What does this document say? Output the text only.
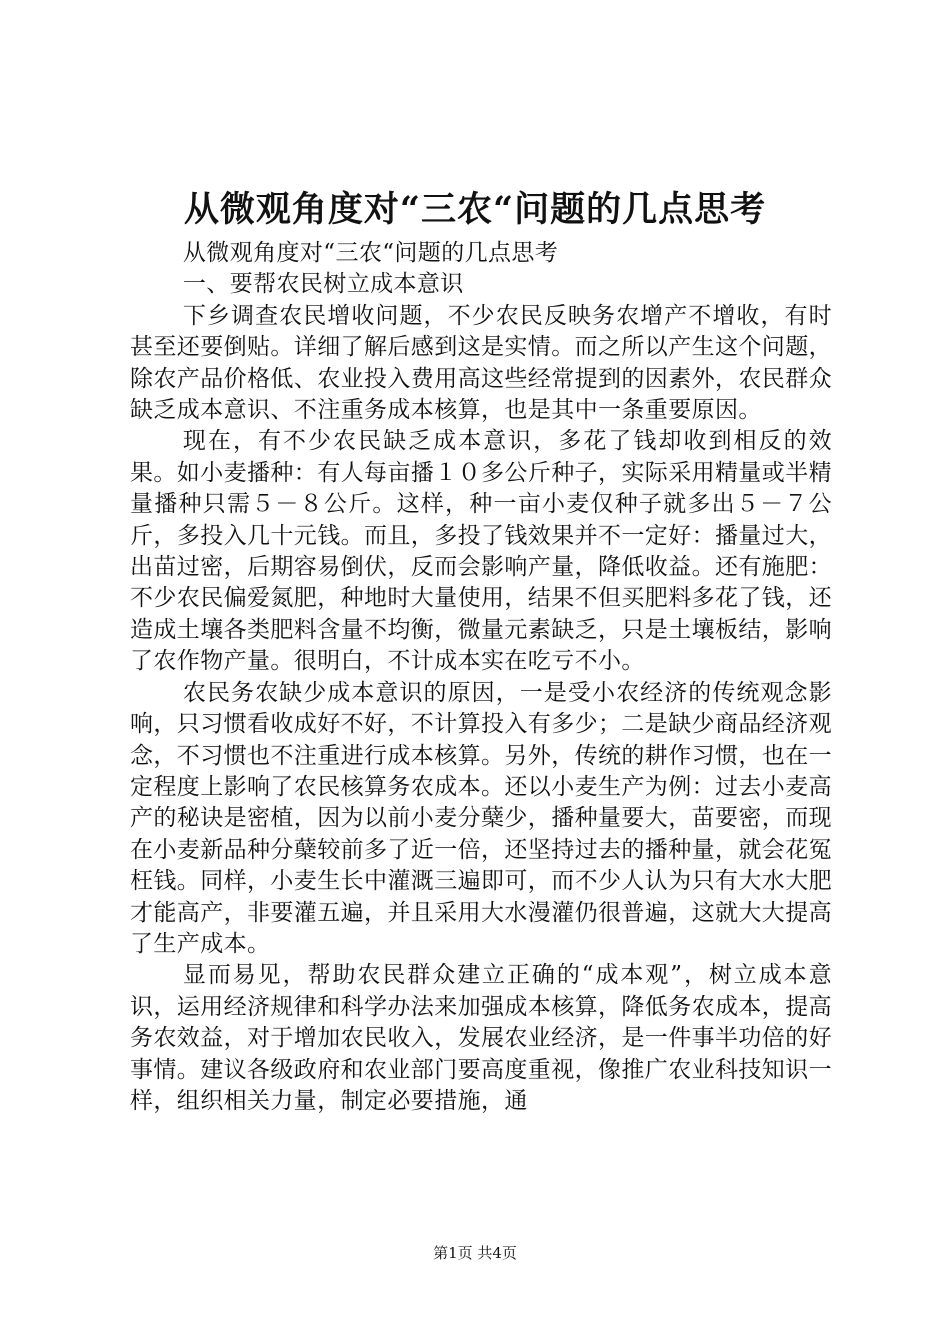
从微观角度对“三农“问题的几点思考

从微观角度对“三农“问题的几点思考

一、要帮农民树立成本意识

下乡调查农民增收问题，不少农民反映务农增产不增收，有时甚至还要倒贴。详细了解后感到这是实情。而之所以产生这个问题，除农产品价格低、农业投入费用高这些经常提到的因素外，农民群众缺乏成本意识、不注重务成本核算，也是其中一条重要原因。

现在，有不少农民缺乏成本意识，多花了钱却收到相反的效果。如小麦播种：有人每亩播１０多公斤种子，实际采用精量或半精量播种只需５－８公斤。这样，种一亩小麦仅种子就多出５－７公斤，多投入几十元钱。而且，多投了钱效果并不一定好：播量过大，出苗过密，后期容易倒伏，反而会影响产量，降低收益。还有施肥：不少农民偏爱氮肥，种地时大量使用，结果不但买肥料多花了钱，还造成土壤各类肥料含量不均衡，微量元素缺乏，只是土壤板结，影响了农作物产量。很明白，不计成本实在吃亏不小。

农民务农缺少成本意识的原因，一是受小农经济的传统观念影响，只习惯看收成好不好，不计算投入有多少；二是缺少商品经济观念，不习惯也不注重进行成本核算。另外，传统的耕作习惯，也在一定程度上影响了农民核算务农成本。还以小麦生产为例：过去小麦高产的秘诀是密植，因为以前小麦分蘖少，播种量要大，苗要密，而现在小麦新品种分蘖较前多了近一倍，还坚持过去的播种量，就会花冤枉钱。同样，小麦生长中灌溉三遍即可，而不少人认为只有大水大肥才能高产，非要灌五遍，并且采用大水漫灌仍很普遍，这就大大提高了生产成本。

显而易见，帮助农民群众建立正确的“成本观”，树立成本意识，运用经济规律和科学办法来加强成本核算，降低务农成本，提高务农效益，对于增加农民收入，发展农业经济，是一件事半功倍的好事情。建议各级政府和农业部门要高度重视，像推广农业科技知识一样，组织相关力量，制定必要措施，通

第1页 共4页
